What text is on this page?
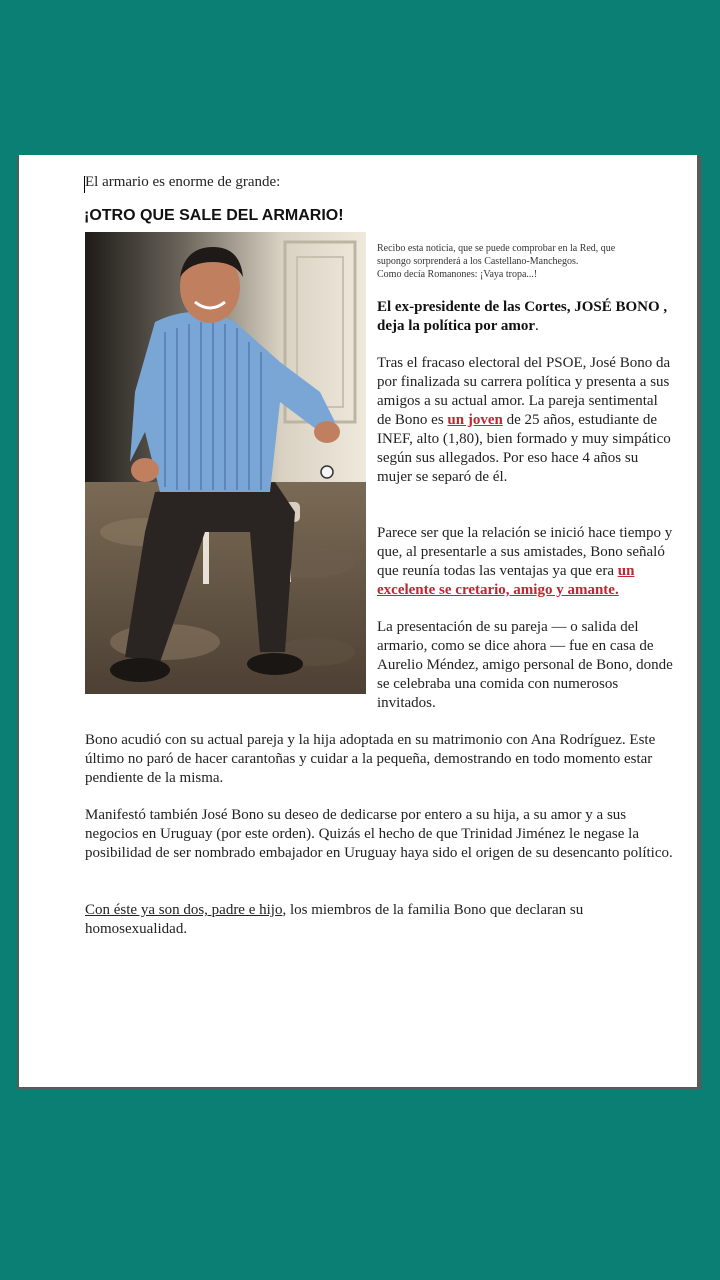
El armario es enorme de grande:
¡OTRO QUE SALE DEL ARMARIO!
Recibo esta noticia, que se puede comprobar en la Red, que
supongo sorprenderá a los Castellano-Manchegos.
Como decía Romanones: ¡Vaya tropa...!
El ex-presidente de las Cortes, JOSÉ BONO , deja la política por amor.
Tras el fracaso electoral del PSOE, José Bono da por finalizada su carrera política y presenta a sus amigos a su actual amor. La pareja sentimental de Bono es un joven de 25 años, estudiante de INEF, alto (1,80), bien formado y muy simpático según sus allegados. Por eso hace 4 años su mujer se separó de él.
Parece ser que la relación se inició hace tiempo y que, al presentarle a sus amistades, Bono señaló que reunía todas las ventajas ya que era un excelente se cretario, amigo y amante.
La presentación de su pareja — o salida del armario, como se dice ahora — fue en casa de Aurelio Méndez, amigo personal de Bono, donde se celebraba una comida con numerosos invitados.
Bono acudió con su actual pareja y la hija adoptada en su matrimonio con Ana Rodríguez. Este último no paró de hacer carantoñas y cuidar a la pequeña, demostrando en todo momento estar pendiente de la misma.
Manifestó también José Bono su deseo de dedicarse por entero a su hija, a su amor y a sus negocios en Uruguay (por este orden). Quizás el hecho de que Trinidad Jiménez le negase la posibilidad de ser nombrado embajador en Uruguay haya sido el origen de su desencanto político.
Con éste ya son dos, padre e hijo, los miembros de la familia Bono que declaran su homosexualidad.
